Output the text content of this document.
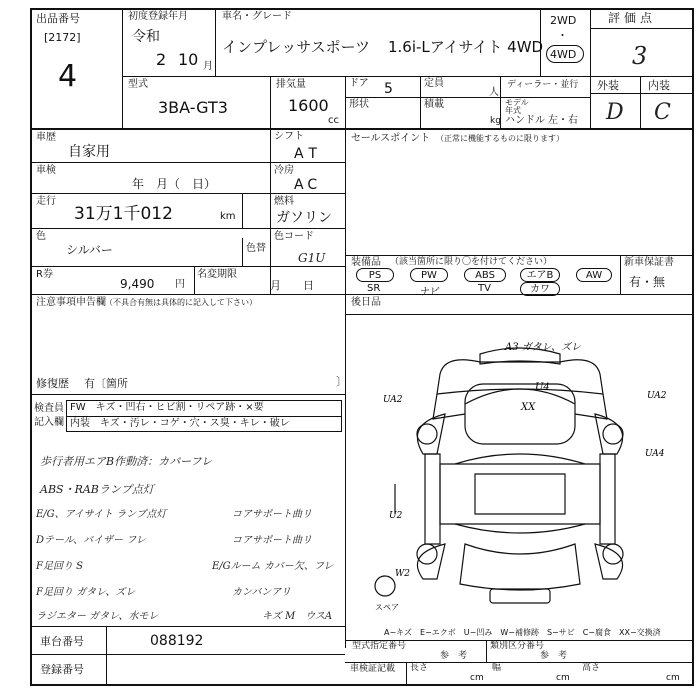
出品番号
[2172]
4
初度登録年月
令和
2 10 月
車名・グレード
インプレッサスポーツ 1.6i-Lアイサイト 4WD
2WD
・
4WD
評価点
3
外装	内装
D C
型式
3BA-GT3
排気量
1600
cc
ドア 5	定員
人
ディーラー・並行
形状	積載
kg
モデル年式
ハンドル 左・右
車歴
自家用
車検
年　月（　日）
走行
31万1千012	km
色
シルバー	色替
R券
9,490 円
注意事項申告欄 （不具合有無は具体的に記入して下さい）
修復歴 有〔箇所	〕
シフト
AT
冷房
AC
燃料
ガソリン
色コード
G1U
名変期限
月　　日
セールスポイント （正常に機能するものに限ります）
装備品 （該当箇所に限り〇を付けてください）	新車保証書
有・無
PS	PW	ABS	エアB	AW
SR	ナビ	TV	カワ
後日品
検査員
記入欄
FW　キズ・凹右・ヒビ割・リペア跡・×要
内装　キズ・汚レ・コゲ・穴・ス臭・キレ・破レ
歩行者用エアB作動済：カバーフレ
ABS・RABランプ点灯
E/G、アイサイト ランプ点灯	コアサポート曲リ
Dテール、バイザー フレ	コアサポート曲リ
F足回り S	E/Gルーム カバー欠、フレ
F足回り ガタレ、ズレ	カンバンアリ
ラジエター ガタレ、水モレ	キズ M　ウスA
A3 ガタレ、ズレ
U4
XX
UA2	UA2
UA4
U2
W2
スペア
A−キズ　E−エクボ　U−凹み　W−補修跡　S−サビ　C−腐食　XX−交換済
車台番号	088192
登録番号
型式指定番号
参　考
類別区分番号
参　考
車検証記載 長さ
cm
幅
cm
高さ
cm
